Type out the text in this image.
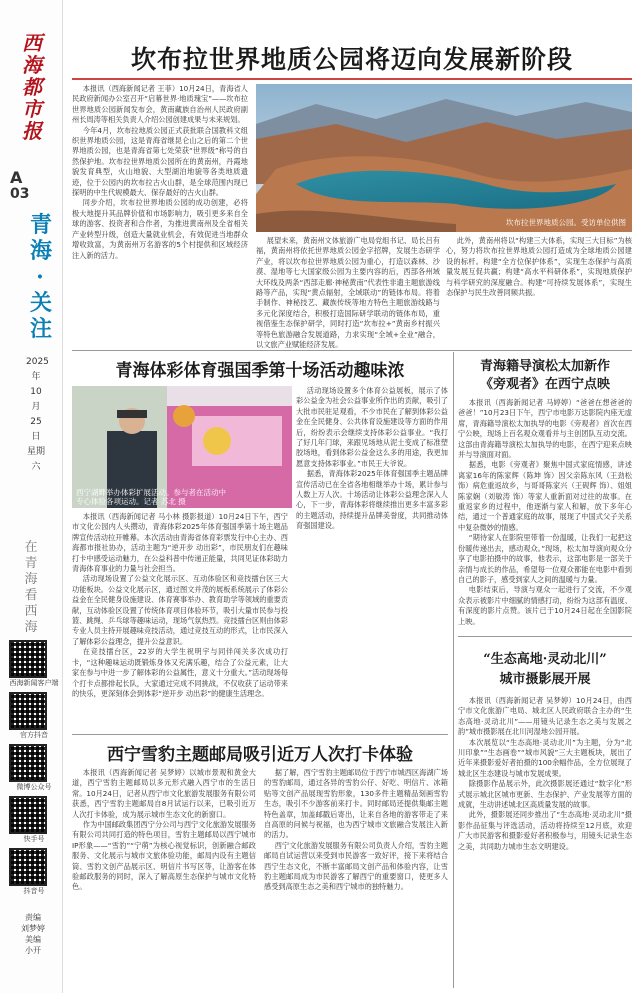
西
海
都
市
报
A
03
青
海
·
关
注
2025年
10月
25日
星期六
在青海
看西海
西海新闻客户端
官方抖音
微博公众号
快手号
抖音号
责编
刘梦婷
美编
小开
坎布拉世界地质公园将迈向发展新阶段

本报讯（西海新闻记者 王菲）10月24日，青海省人民政府新闻办公室召开“启幕世界·地质瑰宝”——坎布拉世界地质公园新闻发布会，黄南藏族自治州人民政府副州长周涛等相关负责人介绍公园创建成果与未来规划。

今年4月，坎布拉地质公园正式获批联合国教科文组织世界地质公园，这是青海省继昆仑山之后的第二个世界地质公园，也是青海省第七处荣获“世界级”称号的自然保护地。坎布拉世界地质公园所在的黄南州，丹霞地貌发育典型，火山地貌、大型湖泊地貌等各类地质遗迹，位于公园内的坎布拉古火山群，是全球范围内现已探明的中生代规模最大、保存最好的古火山群。

同步介绍，坎布拉世界地质公园的成功创建，必将极大地提升其品牌价值和市场影响力，吸引更多来自全球的游客、投资者和合作者，为推进黄南州及全省相关产业转型升级，创造大量就业机会，有效促进当地群众增收致富，为黄南州万名游客的5个村提供和区域经济注入新的活力。

坎布拉世界地质公园。受访单位供图

展望未来，黄南州文体旅游广电局党组书记、局长吕有福，黄南州将依托世界地质公园金字招牌，发展生态研学产业，将以坎布拉世界地质公园为重心，打造以森林、沙漠、湿地等七大国家级公园为主要内容的后，西部各州域大环线及两条“西部走廊·神秘黄南”代表性非遗主题旅游线路等产品，实现“黄点辐射，全域联动”的链体布局。将着手制作、神秘技艺、藏族传统等地方特色主题旅游线路与多元化深度结合，积极打造国际研学联动的链体布局，重视借鉴生态保护研学，同时打造“坎布拉+”黄南乡村振兴等特色旅游融合发展道路，力求实现“全域+全业”融合，以文旅产业赋能经济发展。

此外，黄南州将以“构建三大体系，实现三大目标”为核心，努力将坎布拉世界地质公园打造成为全球地质公园建设的标杆。构建“全方位保护体系”，实现生态保护与高质量发展互促共赢；构建“高水平科研体系”，实现地质保护与科学研究的深度融合。构建“可持续发展体系”，实现生态保护与民生改善同频共振。

青海体彩体育强国季第十场活动趣味浓
西宁湖畔举办体彩扩展活动。参与者在活动中
专心体验各项运动。记者 苏北 摄

本报讯（西海新闻记者 马小林 摄影报道）10月24日下午，西宁市文化公园内人头攒动，青海体彩2025年体育强国季第十场主题品牌宣传活动拉开帷幕。本次活动由青海省体育彩票发行中心主办、西海都市报社协办，活动主题为“逆开步 动出彩”，市民朋友们在趣味打卡中感受运动魅力，在公益科普中传递正能量，共同见证体彩助力青海体育事业的力量与社会担当。

活动现场设置了公益文化展示区、互动体验区和竞技擂台区三大功能板块。公益文化展示区，通过图文并茂的展板系统展示了体彩公益金在全民健身设施建设、体育赛事举办、教育助学等领域的重要贡献，互动体验区设置了传统体育项目体验环节，吸引大量市民参与投篮、跳绳、乒乓球等趣味运动，现场气氛热烈。竞技擂台区则由体彩专业人员主持开展趣味竞技活动，通过竞技互动的形式，让市民深入了解体彩公益理念，提升公益意识。

在竞技擂台区，22岁的大学生祝明宇与同伴闯关多次成功打卡，“这种趣味运动既锻炼身体又充满乐趣，结合了公益元素，让大家在参与中进一步了解体彩的公益属性，意义十分重大。”活动现场每个打卡点都排起长队，大家通过完成不同挑战，不仅收获了运动带来的快乐，更深刻体会到体彩“逆开步 动出彩”的健康生活理念。

活动现场设置多个体育公益展板，展示了体彩公益金为社会公益事业所作出的贡献，吸引了大批市民驻足观看，不少市民在了解到体彩公益金在全民健身、公共体育设施建设等方面的作用后，纷纷表示会继续支持体彩公益事业。“我打了好几年门球，来跟见场地从泥土变成了标准塑胶场地，看到体彩公益金这么多的用途，我更加愿意支持体彩事业。”市民王大爷说。

据悉，青海体彩2025年体育强国季主题品牌宣传活动已在全省各地相继举办十场，累计参与人数上万人次。十场活动让体彩公益理念深入人心，下一步，青海体彩将继续推出更多丰富多彩的主题活动，持续提升品牌美誉度，共同推动体育强国建设。

西宁雪豹主题邮局吸引近万人次打卡体验

本报讯（西海新闻记者 吴梦婷）以城市景观和黄金大道，西宁雪豹主题邮局以多元形式融入西宁市的生活日常。10月24日，记者从西宁市文化旅游发展服务有限公司获悉，西宁雪豹主题邮局自8月试运行以来，已吸引近万人次打卡体验，成为展示城市生态文化的新窗口。

作为中国邮政集团西宁分公司与西宁文化旅游发展服务有限公司共同打造的特色项目，雪豹主题邮局以西宁城市IP形象——“雪豹”“宁萌”为核心视觉标识，创新融合邮政服务、文化展示与城市文旅体验功能，邮局内设有主题信筒、雪豹文创产品展示区、明信片书写区等，让游客在体验邮政服务的同时，深入了解高原生态保护与城市文化特色。

据了解，西宁雪豹主题邮局位于西宁市城西区海湖广场的雪豹邮局，通过各异的雪豹公仔、好吃、明信片、冰箱贴等文创产品展现雪豹形象，130多件主题精品刻画雪豹生态，吸引不少游客前来打卡。同时邮局还提供集邮主题特色盖章，加盖邮戳后寄出，让来自各地的游客带走了来自高原的问候与祝福，也为西宁城市文旅融合发展注入新的活力。

西宁文化旅游发展服务有限公司负责人介绍，雪豹主题邮局自试运营以来受到市民游客一致好评，接下来将结合西宁生态文化，不断丰富邮局文创产品和体验内容，让雪豹主题邮局成为市民游客了解西宁的重要窗口，使更多人感受到高原生态之美和西宁城市的独特魅力。

青海籍导演松太加新作
《旁观者》在西宁点映

本报讯（西海新闻记者 马婷婷）“爸爸在想爸爸的爸爸！”10月23日下午，西宁市电影万达影院内座无虚席，青海籍导演松太加执导的电影《旁观者》首次在西宁公映，现场上百名观众观看并与主创团队互动交流。这部由青海籍导演松太加执导的电影，在西宁迎来点映并与导演面对面。

据悉，电影《旁观者》聚焦中国式家庭情感，讲述离家16年的陈家辉（陈坤 饰）因父亲陈东风（王劲松 饰）病危重返故乡，与哥哥陈家兴（王砚辉 饰）、姐姐陈家娴（刘敏涛 饰）等家人重新面对过往的故事。在重返家乡的过程中，他逐渐与家人和解，放下多年心结，通过一个普通家庭的故事，展现了中国式父子关系中复杂微妙的情感。

“期待家人在影院里带着一份温暖，让我们一起把这份暖传递出去，感动观众。”现场，松太加导演向观众分享了电影拍摄中的故事，他表示，这部电影是一部关于亲情与成长的作品，希望每一位观众都能在电影中看到自己的影子，感受到家人之间的温暖与力量。

电影结束后，导演与观众一起进行了交流，不少观众表示被影片中细腻的情感打动，纷纷为这部有温度、有深度的影片点赞。该片已于10月24日起在全国影院上映。

“生态高地·灵动北川”
城市摄影展开展

本报讯（西海新闻记者 吴梦婷）10月24日，由西宁市文化旅游广电局、城北区人民政府联合主办的“生态高地·灵动北川”——用镜头记录生态之美与发展之韵”城市摄影展在北川河湿地公园开展。

本次展览以“生态高地·灵动北川”为主题，分为“北川印象”“生态画卷”“城市风貌”三大主题板块，展出了近年来摄影爱好者拍摄的100余幅作品，全方位展现了城北区生态建设与城市发展成果。

除摄影作品展示外，此次摄影展还通过“数字化”形式展示城北区城市更新、生态保护、产业发展等方面的成就，生动讲述城北区高质量发展的故事。

此外，摄影展还同步推出了“生态高地·灵动北川”摄影作品征集与评选活动，活动将持续至12月底，欢迎广大市民游客和摄影爱好者积极参与，用镜头记录生态之美，共同助力城市生态文明建设。
